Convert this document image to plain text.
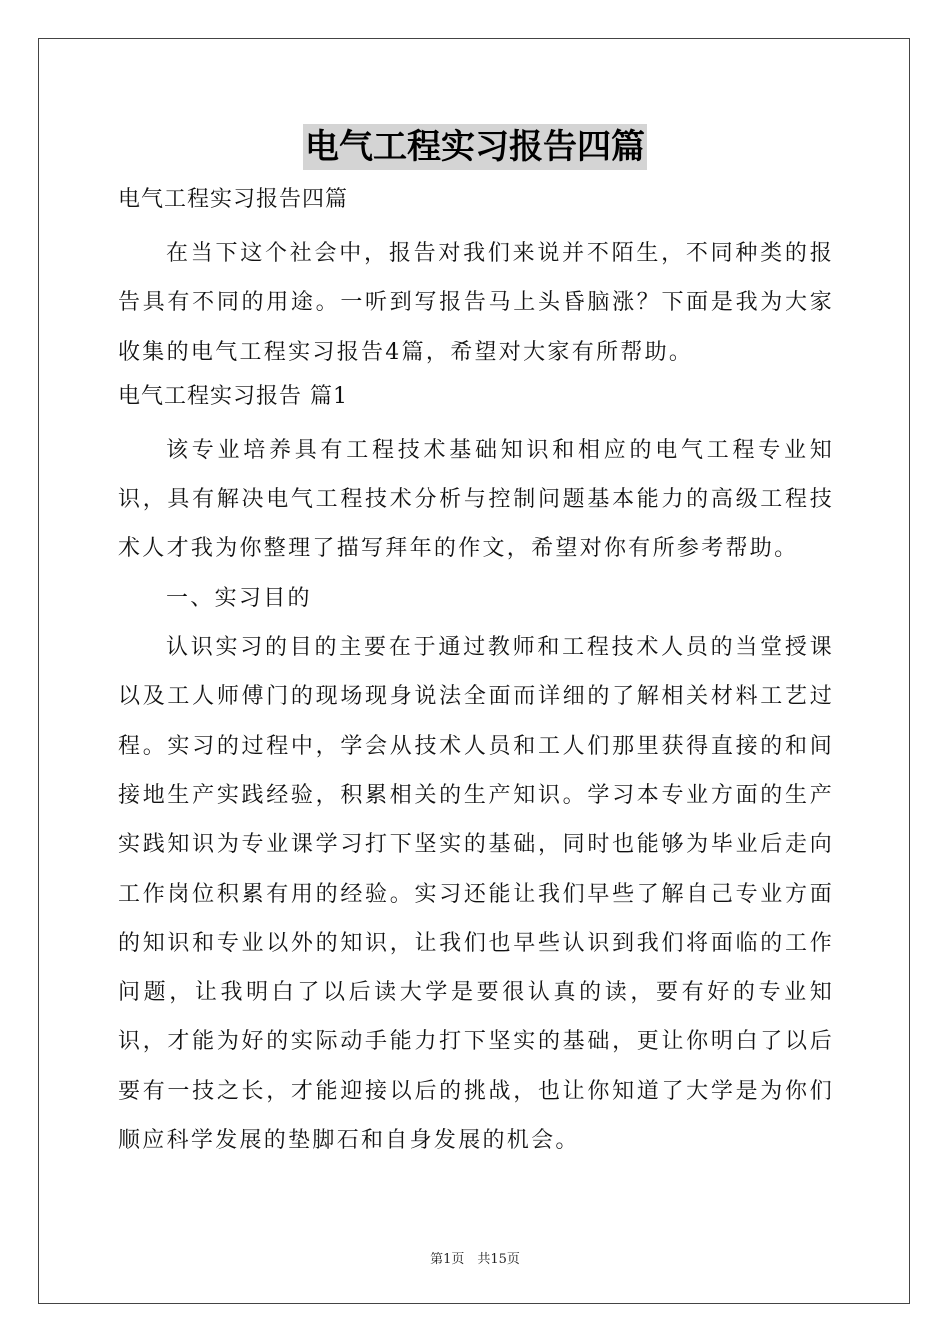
电气工程实习报告四篇
电气工程实习报告四篇
在当下这个社会中，报告对我们来说并不陌生，不同种类的报告具有不同的用途。一听到写报告马上头昏脑涨？下面是我为大家收集的电气工程实习报告4篇，希望对大家有所帮助。
电气工程实习报告 篇1
该专业培养具有工程技术基础知识和相应的电气工程专业知识，具有解决电气工程技术分析与控制问题基本能力的高级工程技术人才我为你整理了描写拜年的作文，希望对你有所参考帮助。
一、实习目的
认识实习的目的主要在于通过教师和工程技术人员的当堂授课以及工人师傅门的现场现身说法全面而详细的了解相关材料工艺过程。实习的过程中，学会从技术人员和工人们那里获得直接的和间接地生产实践经验，积累相关的生产知识。学习本专业方面的生产实践知识为专业课学习打下坚实的基础，同时也能够为毕业后走向工作岗位积累有用的经验。实习还能让我们早些了解自己专业方面的知识和专业以外的知识，让我们也早些认识到我们将面临的工作问题，让我明白了以后读大学是要很认真的读，要有好的专业知识，才能为好的实际动手能力打下坚实的基础，更让你明白了以后要有一技之长，才能迎接以后的挑战，也让你知道了大学是为你们顺应科学发展的垫脚石和自身发展的机会。
第1页　共15页
